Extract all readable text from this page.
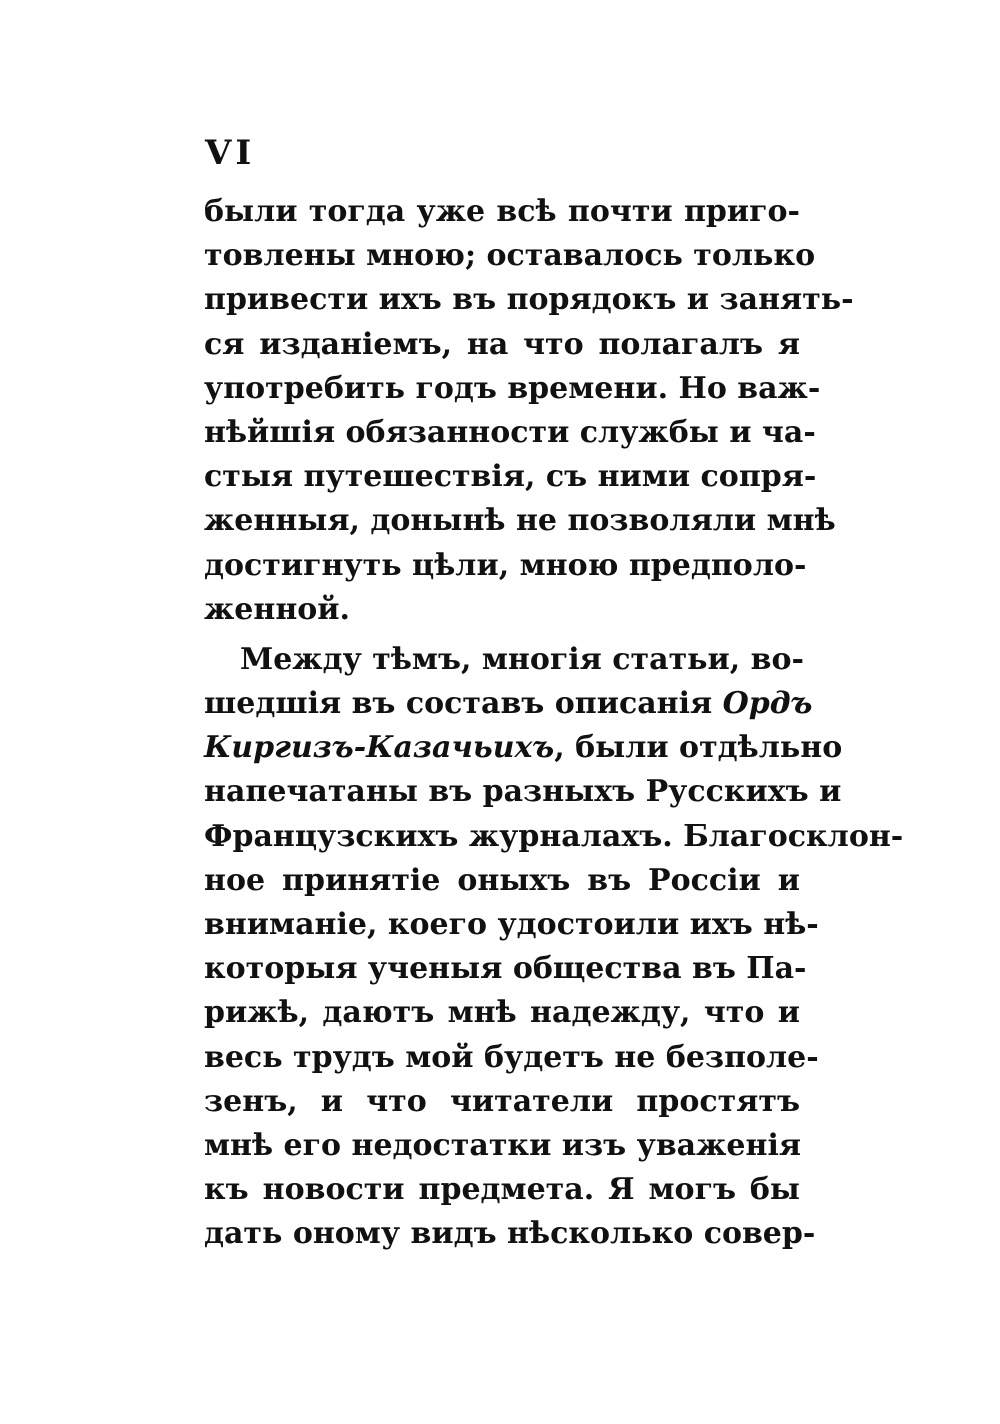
VI
были тогда уже всѣ почти приго-
товлены мною; оставалось только
привести ихъ въ порядокъ и занять-
ся изданіемъ, на что полагалъ я
употребить годъ времени. Но важ-
нѣйшія обязанности службы и ча-
стыя путешествія, съ ними сопря-
женныя, донынѣ не позволяли мнѣ
достигнуть цѣли, мною предполо-
женной.
Между тѣмъ, многія статьи, во-
шедшія въ составъ описанія Ордъ
Киргизъ-Казачьихъ, были отдѣльно
напечатаны въ разныхъ Русскихъ и
Французскихъ журналахъ. Благосклон-
ное принятіе оныхъ въ Россіи и
вниманіе, коего удостоили ихъ нѣ-
которыя ученыя общества въ Па-
рижѣ, даютъ мнѣ надежду, что и
весь трудъ мой будетъ не безполе-
зенъ, и что читатели простятъ
мнѣ его недостатки изъ уваженія
къ новости предмета. Я могъ бы
дать оному видъ нѣсколько совер-
